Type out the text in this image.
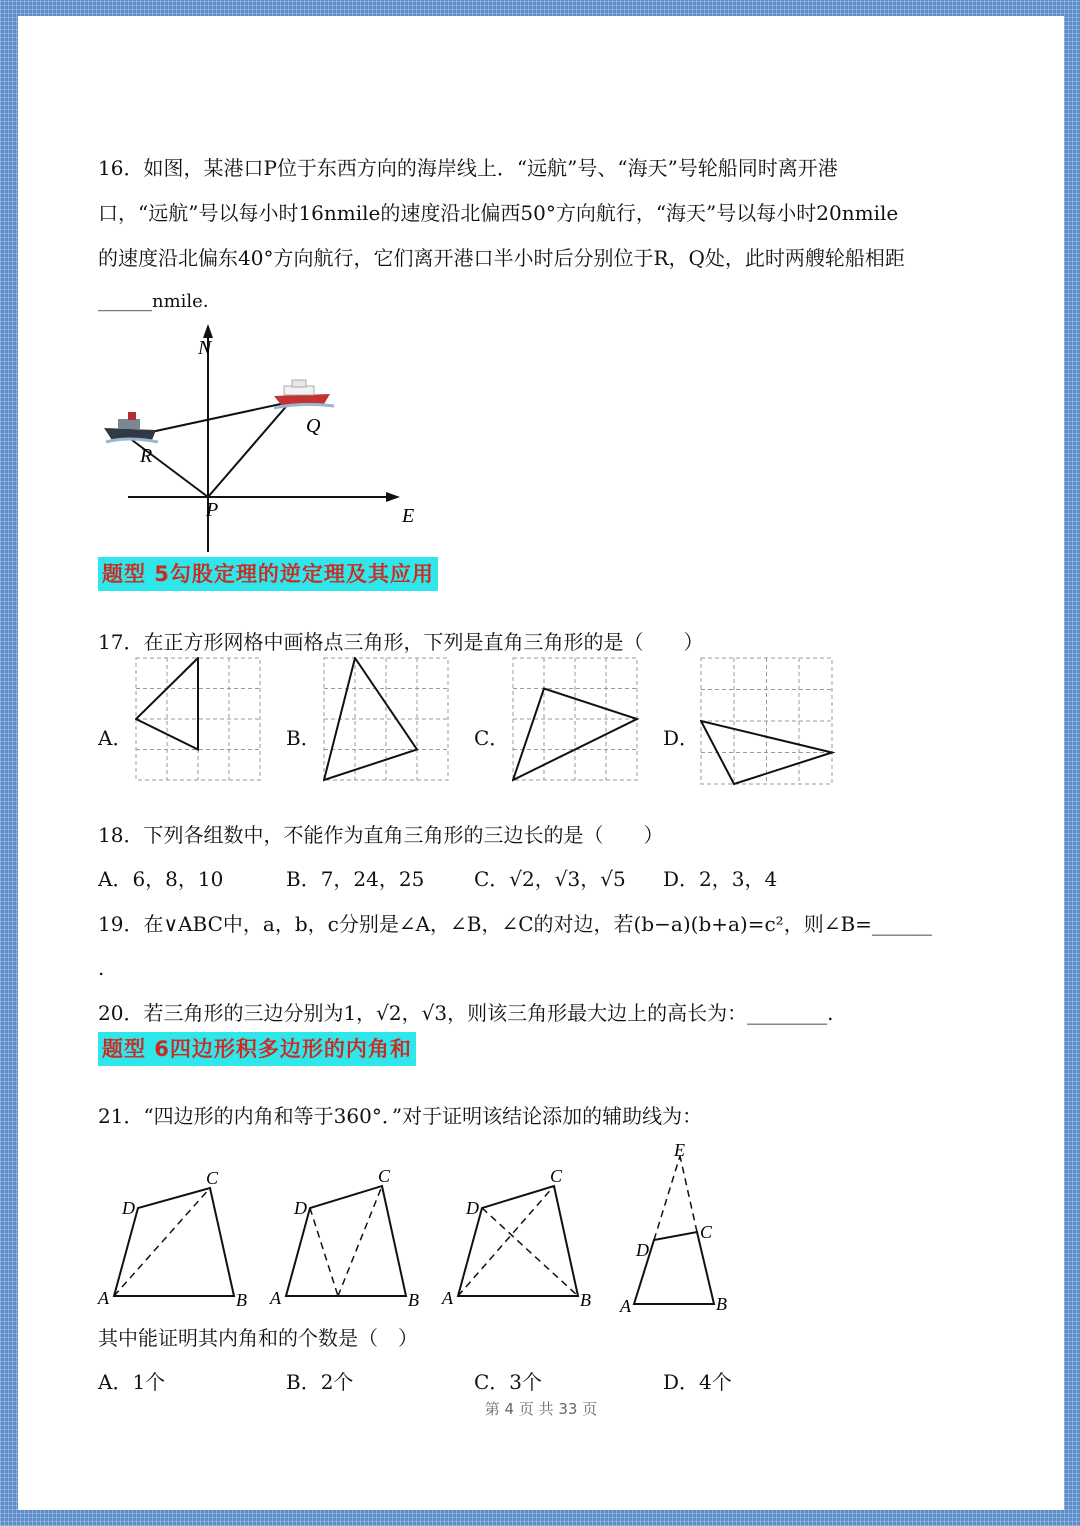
16．如图，某港口P位于东西方向的海岸线上．“远航”号、“海天”号轮船同时离开港
口，“远航”号以每小时16nmile的速度沿北偏西50°方向航行，“海天”号以每小时20nmile
的速度沿北偏东40°方向航行，它们离开港口半小时后分别位于R，Q处，此时两艘轮船相距
______nmile．
N
E
P
Q
R
题型 5勾股定理的逆定理及其应用
17．在正方形网格中画格点三角形，下列是直角三角形的是（　　）
A．	B．	C．	D．
18．下列各组数中，不能作为直角三角形的三边长的是（　　）
A．6，8，10	B．7，24，25 C．√2，√3，√5 D．2，3，4
19．在∨ABC中，a，b，c分别是∠A，∠B，∠C的对边，若(b−a)(b+a)=c²，则∠B=______
.
20．若三角形的三边分别为1，√2，√3，则该三角形最大边上的高长为：________.
题型 6四边形积多边形的内角和
21．“四边形的内角和等于360°．”对于证明该结论添加的辅助线为：
A	B
C
D
A	B
C
D
A	B
C
D
A	B
C
D
E
其中能证明其内角和的个数是（　）
A．1个	B．2个	C．3个	D．4个
第 4 页 共 33 页
